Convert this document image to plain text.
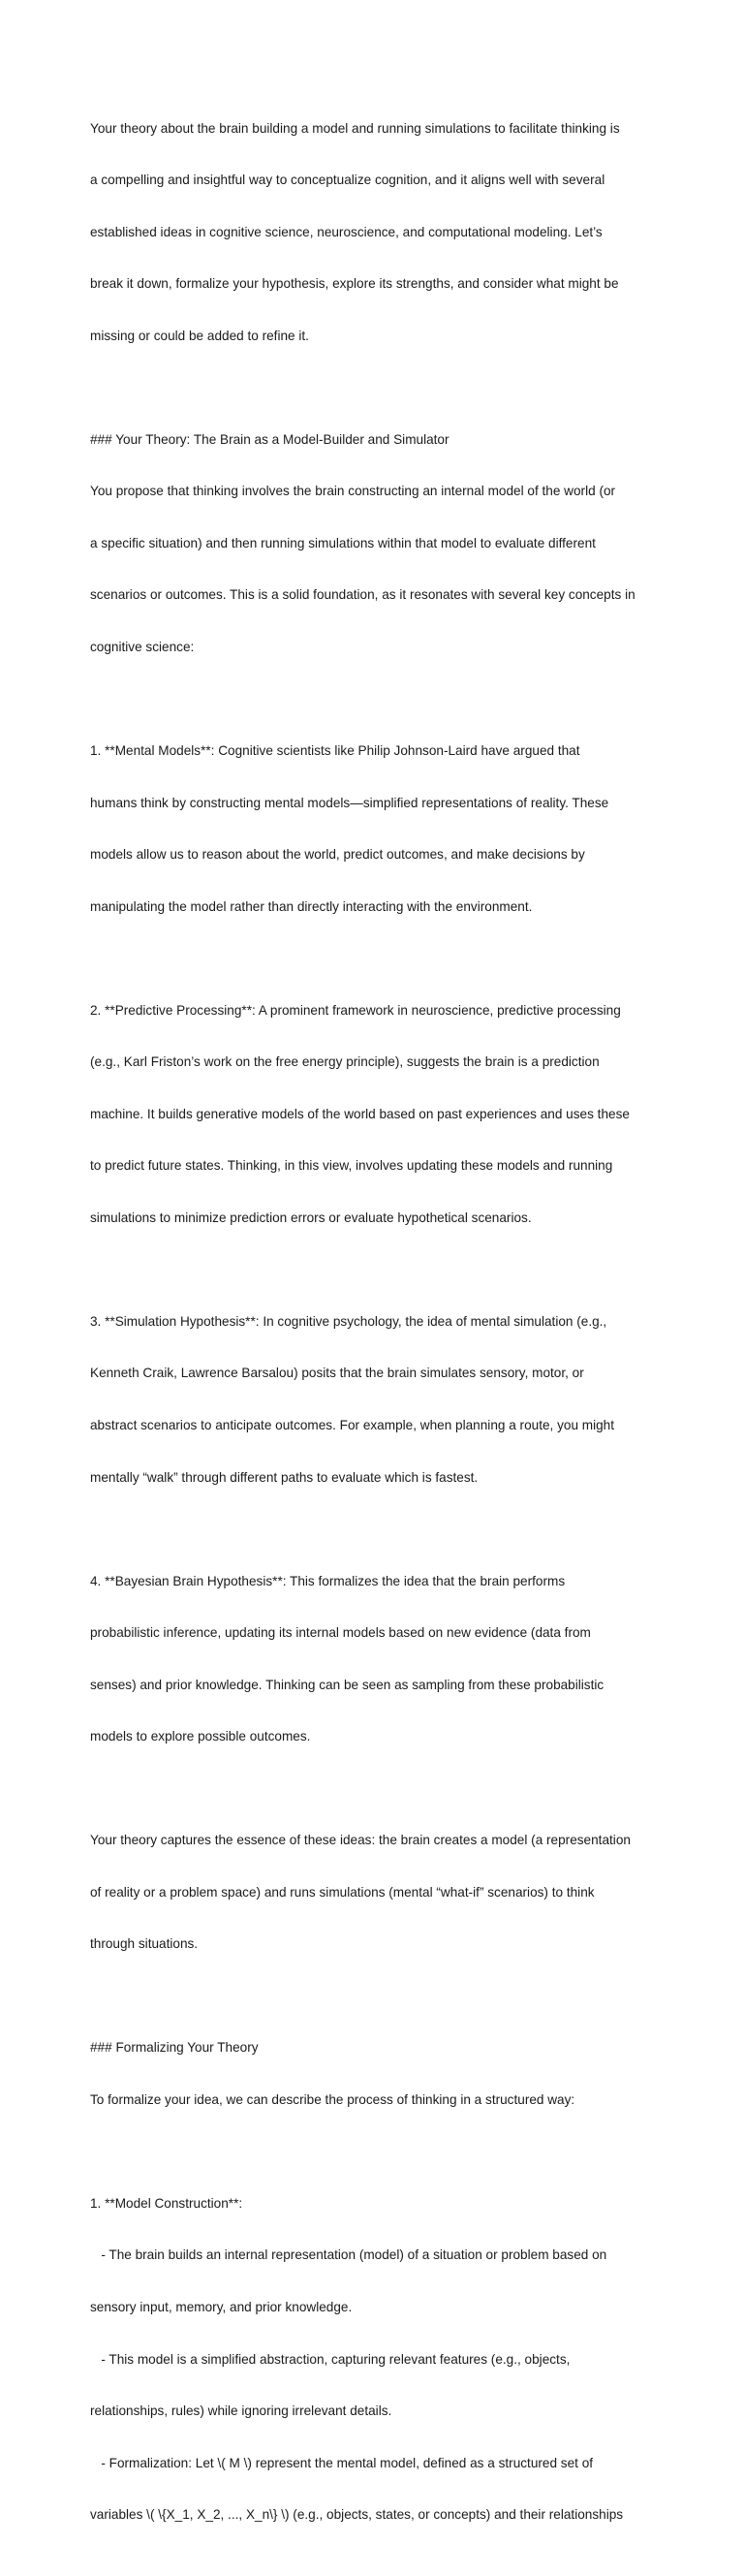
Your theory about the brain building a model and running simulations to facilitate thinking is

a compelling and insightful way to conceptualize cognition, and it aligns well with several

established ideas in cognitive science, neuroscience, and computational modeling. Let’s

break it down, formalize your hypothesis, explore its strengths, and consider what might be

missing or could be added to refine it.

### Your Theory: The Brain as a Model-Builder and Simulator

You propose that thinking involves the brain constructing an internal model of the world (or

a specific situation) and then running simulations within that model to evaluate different

scenarios or outcomes. This is a solid foundation, as it resonates with several key concepts in

cognitive science:

1. **Mental Models**: Cognitive scientists like Philip Johnson-Laird have argued that

humans think by constructing mental models—simplified representations of reality. These

models allow us to reason about the world, predict outcomes, and make decisions by

manipulating the model rather than directly interacting with the environment.

2. **Predictive Processing**: A prominent framework in neuroscience, predictive processing

(e.g., Karl Friston’s work on the free energy principle), suggests the brain is a prediction

machine. It builds generative models of the world based on past experiences and uses these

to predict future states. Thinking, in this view, involves updating these models and running

simulations to minimize prediction errors or evaluate hypothetical scenarios.

3. **Simulation Hypothesis**: In cognitive psychology, the idea of mental simulation (e.g.,

Kenneth Craik, Lawrence Barsalou) posits that the brain simulates sensory, motor, or

abstract scenarios to anticipate outcomes. For example, when planning a route, you might

mentally “walk” through different paths to evaluate which is fastest.

4. **Bayesian Brain Hypothesis**: This formalizes the idea that the brain performs

probabilistic inference, updating its internal models based on new evidence (data from

senses) and prior knowledge. Thinking can be seen as sampling from these probabilistic

models to explore possible outcomes.

Your theory captures the essence of these ideas: the brain creates a model (a representation

of reality or a problem space) and runs simulations (mental “what-if” scenarios) to think

through situations.

### Formalizing Your Theory

To formalize your idea, we can describe the process of thinking in a structured way:

1. **Model Construction**:

- The brain builds an internal representation (model) of a situation or problem based on

sensory input, memory, and prior knowledge.

- This model is a simplified abstraction, capturing relevant features (e.g., objects,

relationships, rules) while ignoring irrelevant details.

- Formalization: Let \( M \) represent the mental model, defined as a structured set of

variables \( \{X_1, X_2, ..., X_n\} \) (e.g., objects, states, or concepts) and their relationships
